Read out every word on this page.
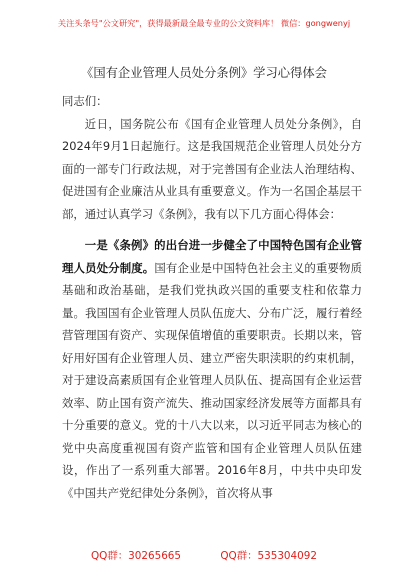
关注头条号"公文研究"，获得最新最全最专业的公文资料库！ 微信：gongwenyj
《国有企业管理人员处分条例》学习心得体会

同志们：

近日，国务院公布《国有企业管理人员处分条例》，自2024年9月1日起施行。这是我国规范企业管理人员处分方面的一部专门行政法规，对于完善国有企业法人治理结构、促进国有企业廉洁从业具有重要意义。作为一名国企基层干部，通过认真学习《条例》，我有以下几方面心得体会：

一是《条例》的出台进一步健全了中国特色国有企业管理人员处分制度。国有企业是中国特色社会主义的重要物质基础和政治基础，是我们党执政兴国的重要支柱和依靠力量。我国国有企业管理人员队伍庞大、分布广泛，履行着经营管理国有资产、实现保值增值的重要职责。长期以来，管好用好国有企业管理人员、建立严密失职渎职的约束机制，对于建设高素质国有企业管理人员队伍、提高国有企业运营效率、防止国有资产流失、推动国家经济发展等方面都具有十分重要的意义。党的十八大以来，以习近平同志为核心的党中央高度重视国有资产监管和国有企业管理人员队伍建设，作出了一系列重大部署。2016年8月，中共中央印发《中国共产党纪律处分条例》，首次将从事

QQ群：30265665	QQ群：535304092
